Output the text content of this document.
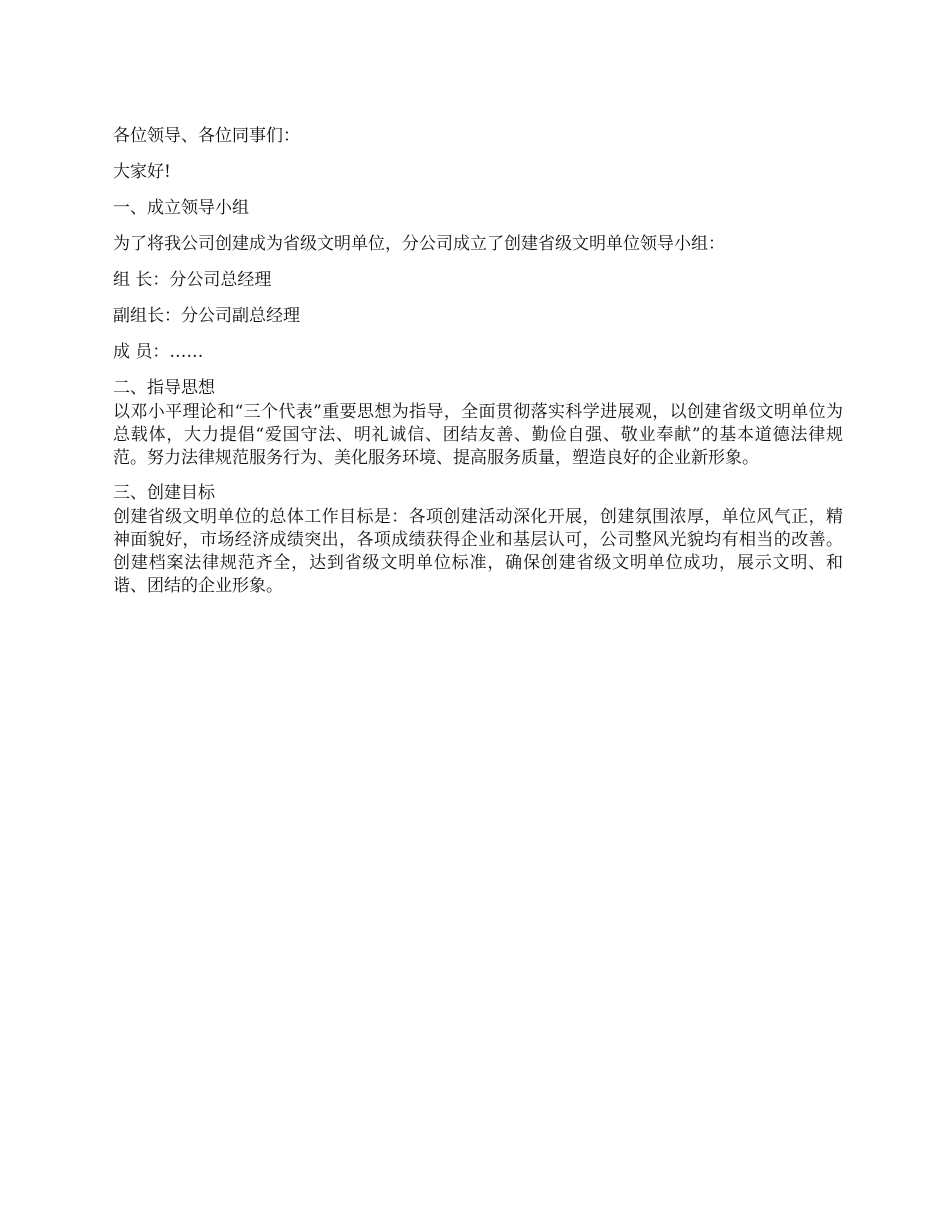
各位领导、各位同事们：

大家好!

一、成立领导小组

为了将我公司创建成为省级文明单位，分公司成立了创建省级文明单位领导小组：

组 长：分公司总经理

副组长：分公司副总经理

成 员：……

二、指导思想

以邓小平理论和“三个代表”重要思想为指导，全面贯彻落实科学进展观，以创建省级文明单位为总载体，大力提倡“爱国守法、明礼诚信、团结友善、勤俭自强、敬业奉献”的基本道德法律规范。努力法律规范服务行为、美化服务环境、提高服务质量，塑造良好的企业新形象。

三、创建目标

创建省级文明单位的总体工作目标是：各项创建活动深化开展，创建氛围浓厚，单位风气正，精神面貌好，市场经济成绩突出，各项成绩获得企业和基层认可，公司整风光貌均有相当的改善。创建档案法律规范齐全，达到省级文明单位标准，确保创建省级文明单位成功，展示文明、和谐、团结的企业形象。
